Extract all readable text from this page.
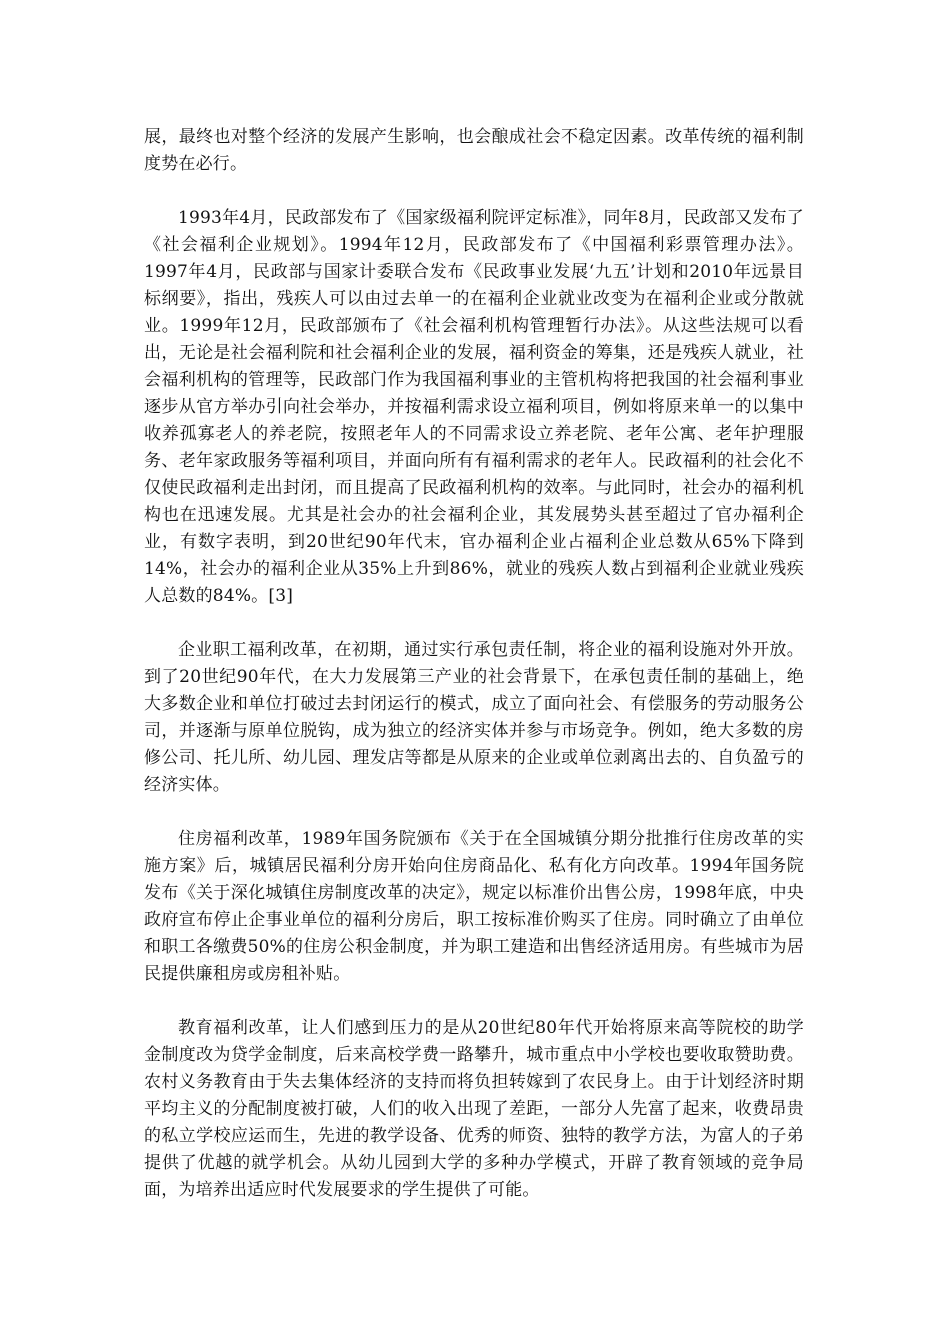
展，最终也对整个经济的发展产生影响，也会酿成社会不稳定因素。改革传统的福利制度势在必行。

1993年4月，民政部发布了《国家级福利院评定标准》，同年8月，民政部又发布了《社会福利企业规划》。1994年12月，民政部发布了《中国福利彩票管理办法》。1997年4月，民政部与国家计委联合发布《民政事业发展‘九五’计划和2010年远景目标纲要》，指出，残疾人可以由过去单一的在福利企业就业改变为在福利企业或分散就业。1999年12月，民政部颁布了《社会福利机构管理暂行办法》。从这些法规可以看出，无论是社会福利院和社会福利企业的发展，福利资金的筹集，还是残疾人就业，社会福利机构的管理等，民政部门作为我国福利事业的主管机构将把我国的社会福利事业逐步从官方举办引向社会举办，并按福利需求设立福利项目，例如将原来单一的以集中收养孤寡老人的养老院，按照老年人的不同需求设立养老院、老年公寓、老年护理服务、老年家政服务等福利项目，并面向所有有福利需求的老年人。民政福利的社会化不仅使民政福利走出封闭，而且提高了民政福利机构的效率。与此同时，社会办的福利机构也在迅速发展。尤其是社会办的社会福利企业，其发展势头甚至超过了官办福利企业，有数字表明，到20世纪90年代末，官办福利企业占福利企业总数从65%下降到14%，社会办的福利企业从35%上升到86%，就业的残疾人数占到福利企业就业残疾人总数的84%。[3]

企业职工福利改革，在初期，通过实行承包责任制，将企业的福利设施对外开放。到了20世纪90年代，在大力发展第三产业的社会背景下，在承包责任制的基础上，绝大多数企业和单位打破过去封闭运行的模式，成立了面向社会、有偿服务的劳动服务公司，并逐渐与原单位脱钩，成为独立的经济实体并参与市场竞争。例如，绝大多数的房修公司、托儿所、幼儿园、理发店等都是从原来的企业或单位剥离出去的、自负盈亏的经济实体。

住房福利改革，1989年国务院颁布《关于在全国城镇分期分批推行住房改革的实施方案》后，城镇居民福利分房开始向住房商品化、私有化方向改革。1994年国务院发布《关于深化城镇住房制度改革的决定》，规定以标准价出售公房，1998年底，中央政府宣布停止企事业单位的福利分房后，职工按标准价购买了住房。同时确立了由单位和职工各缴费50%的住房公积金制度，并为职工建造和出售经济适用房。有些城市为居民提供廉租房或房租补贴。

教育福利改革，让人们感到压力的是从20世纪80年代开始将原来高等院校的助学金制度改为贷学金制度，后来高校学费一路攀升，城市重点中小学校也要收取赞助费。农村义务教育由于失去集体经济的支持而将负担转嫁到了农民身上。由于计划经济时期平均主义的分配制度被打破，人们的收入出现了差距，一部分人先富了起来，收费昂贵的私立学校应运而生，先进的教学设备、优秀的师资、独特的教学方法，为富人的子弟提供了优越的就学机会。从幼儿园到大学的多种办学模式，开辟了教育领域的竞争局面，为培养出适应时代发展要求的学生提供了可能。
